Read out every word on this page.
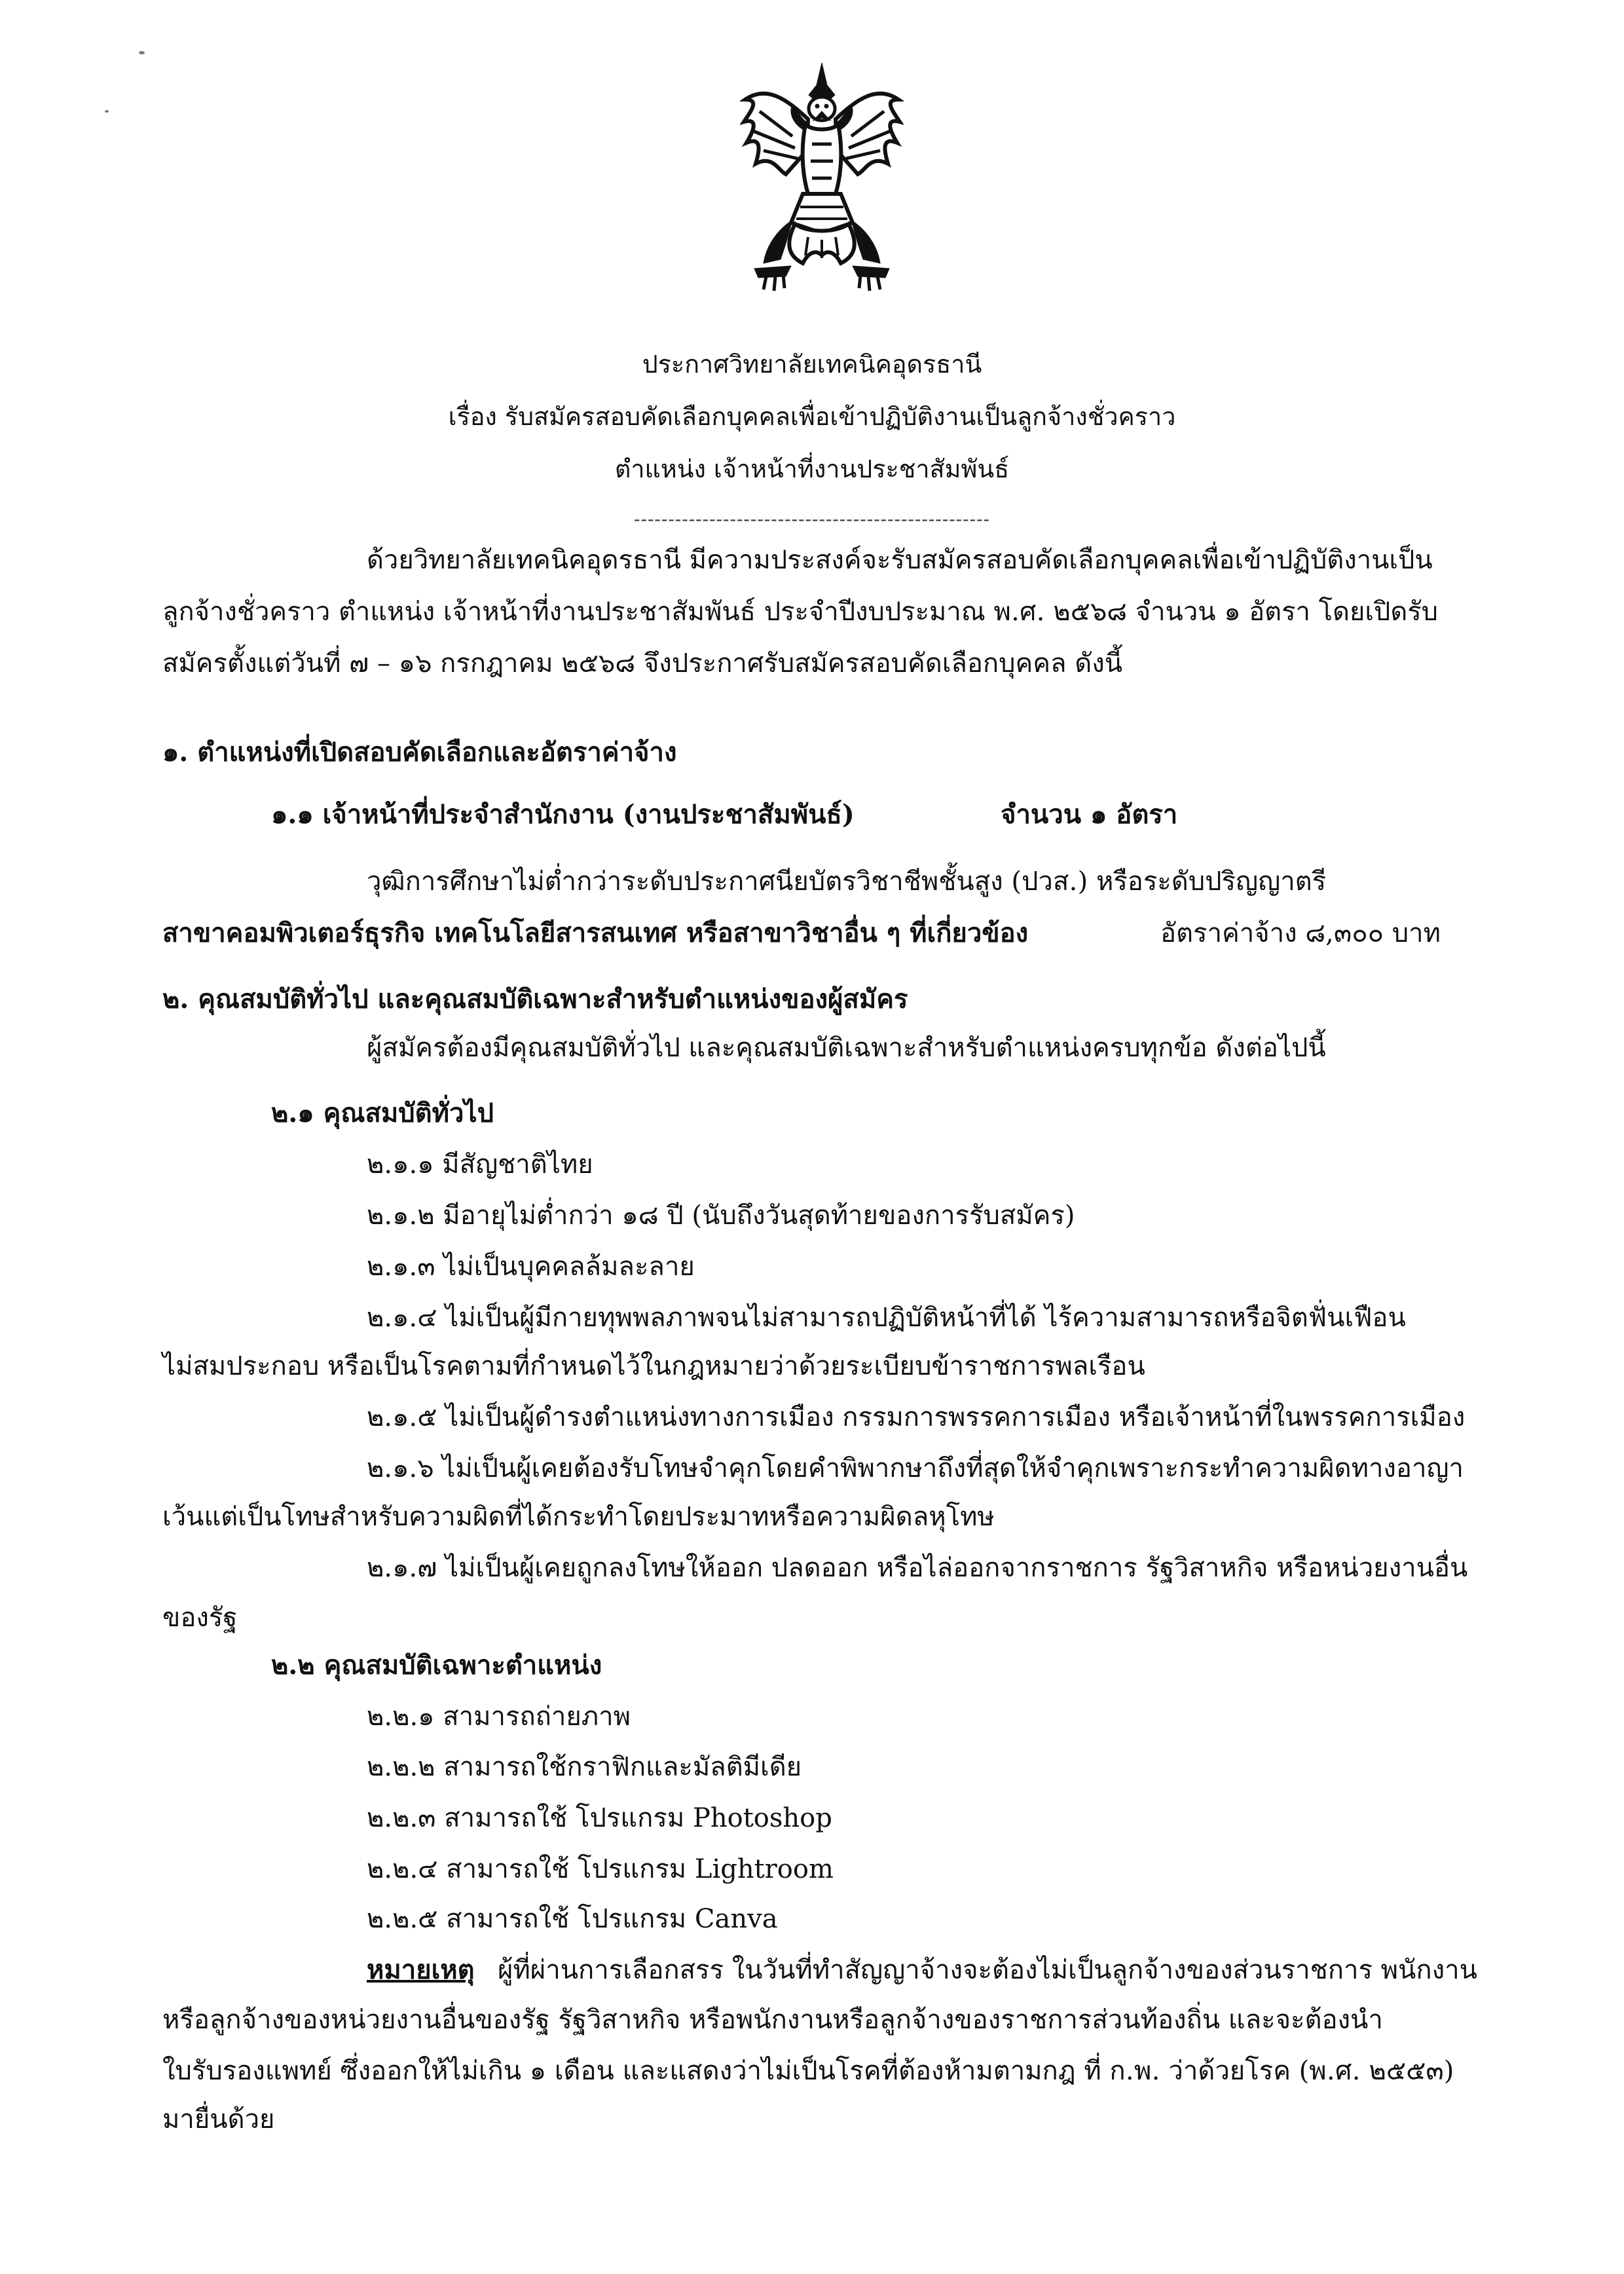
ประกาศวิทยาลัยเทคนิคอุดรธานี
เรื่อง รับสมัครสอบคัดเลือกบุคคลเพื่อเข้าปฏิบัติงานเป็นลูกจ้างชั่วคราว
ตำแหน่ง เจ้าหน้าที่งานประชาสัมพันธ์
----------------------------------------------------
ด้วยวิทยาลัยเทคนิคอุดรธานี มีความประสงค์จะรับสมัครสอบคัดเลือกบุคคลเพื่อเข้าปฏิบัติงานเป็น
ลูกจ้างชั่วคราว ตำแหน่ง เจ้าหน้าที่งานประชาสัมพันธ์ ประจำปีงบประมาณ พ․ศ․ ๒๕๖๘ จำนวน ๑ อัตรา โดยเปิดรับ
สมัครตั้งแต่วันที่ ๗ – ๑๖ กรกฎาคม ๒๕๖๘ จึงประกาศรับสมัครสอบคัดเลือกบุคคล ดังนี้
๑. ตำแหน่งที่เปิดสอบคัดเลือกและอัตราค่าจ้าง
๑.๑ เจ้าหน้าที่ประจำสำนักงาน (งานประชาสัมพันธ์)	จำนวน ๑ อัตรา
วุฒิการศึกษาไม่ต่ำกว่าระดับประกาศนียบัตรวิชาชีพชั้นสูง (ปวส․) หรือระดับปริญญาตรี
สาขาคอมพิวเตอร์ธุรกิจ เทคโนโลยีสารสนเทศ หรือสาขาวิชาอื่น ๆ ที่เกี่ยวข้อง	อัตราค่าจ้าง ๘,๓๐๐ บาท
๒. คุณสมบัติทั่วไป และคุณสมบัติเฉพาะสำหรับตำแหน่งของผู้สมัคร
ผู้สมัครต้องมีคุณสมบัติทั่วไป และคุณสมบัติเฉพาะสำหรับตำแหน่งครบทุกข้อ ดังต่อไปนี้
๒.๑ คุณสมบัติทั่วไป
๒.๑.๑ มีสัญชาติไทย
๒.๑.๒ มีอายุไม่ต่ำกว่า ๑๘ ปี (นับถึงวันสุดท้ายของการรับสมัคร)
๒.๑.๓ ไม่เป็นบุคคลล้มละลาย
๒.๑.๔ ไม่เป็นผู้มีกายทุพพลภาพจนไม่สามารถปฏิบัติหน้าที่ได้ ไร้ความสามารถหรือจิตฟั่นเฟือน
ไม่สมประกอบ หรือเป็นโรคตามที่กำหนดไว้ในกฎหมายว่าด้วยระเบียบข้าราชการพลเรือน
๒.๑.๕ ไม่เป็นผู้ดำรงตำแหน่งทางการเมือง กรรมการพรรคการเมือง หรือเจ้าหน้าที่ในพรรคการเมือง
๒.๑.๖ ไม่เป็นผู้เคยต้องรับโทษจำคุกโดยคำพิพากษาถึงที่สุดให้จำคุกเพราะกระทำความผิดทางอาญา
เว้นแต่เป็นโทษสำหรับความผิดที่ได้กระทำโดยประมาทหรือความผิดลหุโทษ
๒.๑.๗ ไม่เป็นผู้เคยถูกลงโทษให้ออก ปลดออก หรือไล่ออกจากราชการ รัฐวิสาหกิจ หรือหน่วยงานอื่น
ของรัฐ
๒.๒ คุณสมบัติเฉพาะตำแหน่ง
๒.๒.๑ สามารถถ่ายภาพ
๒.๒.๒ สามารถใช้กราฟิกและมัลติมีเดีย
๒.๒.๓ สามารถใช้ โปรแกรม Photoshop
๒.๒.๔ สามารถใช้ โปรแกรม Lightroom
๒.๒.๕ สามารถใช้ โปรแกรม Canva
หมายเหตุ ผู้ที่ผ่านการเลือกสรร ในวันที่ทำสัญญาจ้างจะต้องไม่เป็นลูกจ้างของส่วนราชการ พนักงาน
หรือลูกจ้างของหน่วยงานอื่นของรัฐ รัฐวิสาหกิจ หรือพนักงานหรือลูกจ้างของราชการส่วนท้องถิ่น และจะต้องนำ
ใบรับรองแพทย์ ซึ่งออกให้ไม่เกิน ๑ เดือน และแสดงว่าไม่เป็นโรคที่ต้องห้ามตามกฎ ที่ ก․พ․ ว่าด้วยโรค (พ․ศ․ ๒๕๕๓)
มายื่นด้วย
